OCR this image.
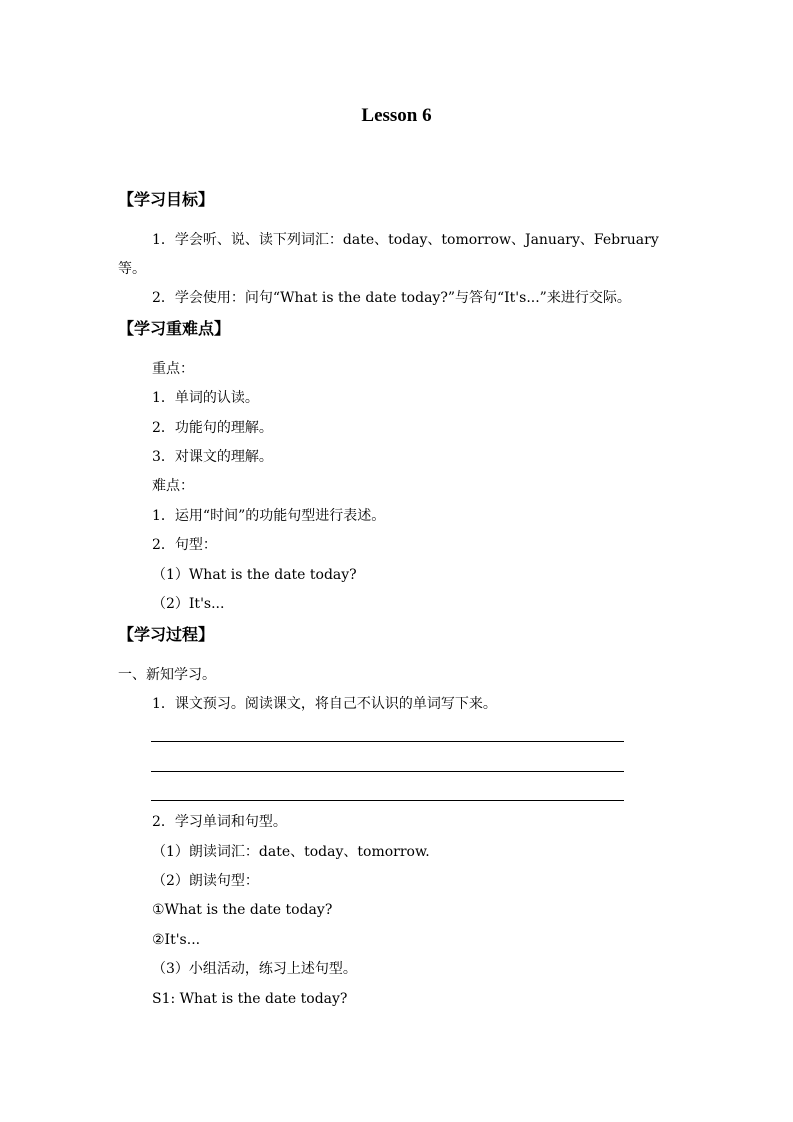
Lesson 6
【学习目标】
1．学会听、说、读下列词汇：date、today、tomorrow、January、February
等。
2．学会使用：问句“What is the date today?”与答句“It's...”来进行交际。
【学习重难点】
重点：
1．单词的认读。
2．功能句的理解。
3．对课文的理解。
难点：
1．运用“时间”的功能句型进行表述。
2．句型：
（1）What is the date today?
（2）It's...
【学习过程】
一、新知学习。
1．课文预习。阅读课文，将自己不认识的单词写下来。
2．学习单词和句型。
（1）朗读词汇：date、today、tomorrow.
（2）朗读句型：
①What is the date today?
②It's...
（3）小组活动，练习上述句型。
S1: What is the date today?
